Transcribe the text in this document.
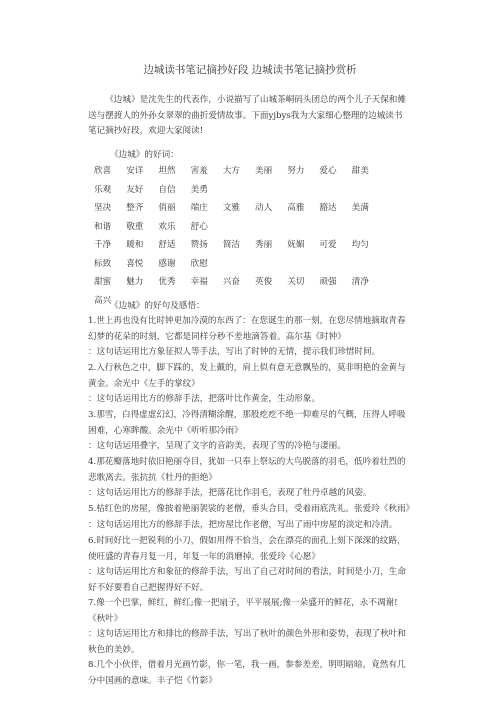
边城读书笔记摘抄好段 边城读书笔记摘抄赏析

《边城》是沈先生的代表作，小说描写了山城茶峒码头团总的两个儿子天保和傩送与摆渡人的外孙女翠翠的曲折爱情故事。下面yjbys我为大家细心整理的边城读书笔记摘抄好段，欢迎大家阅读!

《边城》的好词：
欣喜 安详 坦然 害羞 大方 美丽 努力 爱心 甜美乐观 友好 自信 美勇
坚决 整齐 俏丽 端庄 文雅 动人 高雅 豁达 美满和谐 敬重 欢乐 舒心
千净 暖和 舒适 赞扬 简洁 秀丽 妩媚 可爱 均匀标致 喜悦 感谢 欣慰
甜蜜 魅力 优秀 幸福 兴奋 英俊 关切 顽强 清净高兴
《边城》的好句及感悟：
1.世上再也没有比时钟更加冷漠的东西了：在您诞生的那一刻，在您尽情地摘取青春幻梦的花朵的时刻，它都是同样分秒不差地滴答着。高尔基《时钟》
：这句话运用比方象征拟人等手法，写出了时钟的无情，提示我们珍惜时间。
2.入行秋色之中，脚下踩的，发上戴的，肩上似有意无意飘坠的，莫非明艳的金黄与黄金。余光中《左手的掌纹》
：这句话运用比方的修辞手法，把落叶比作黄金，生动形象。
3.那雪，白得虚虚幻幻，冷得清糊涂醒，那股疙疙不绝一仰难尽的气概，压得人呼吸困难，心寒眸酸。余光中《听听那冷雨》
：这句话运用叠字，呈现了文字的音韵美，表现了雪的冷艳与凄丽。
4.那花瓣落地时依旧艳丽夺目，犹如一只奉上祭坛的大鸟脱落的羽毛，低吟着壮烈的悲歌离去。张抗抗《牡丹的拒绝》
：这句话运用比方的修辞手法，把落花比作羽毛，表现了牡丹卓越的风姿。
5.枯红色的房屋，像披着艳丽袈裟的老僧，垂头合目，受着雨底洗礼。张爱玲《秋雨》
：这句话运用比方的修辞手法，把房屋比作老僧，写出了雨中房屋的淡定和冷清。
6.时间好比一把锐利的小刀，假如用得不恰当，会在漂亮的面孔上刻下深深的纹路，使旺盛的青春月复一月，年复一年的消磨掉。张爱玲《心愿》
：这句话运用比方和象征的修辞手法，写出了自己对时间的看法，时间是小刀，生命好不好要看自己把握得好不好。
7.像一个巴掌，鲜红，鲜红;像一把扇子，平平展展;像一朵盛开的鲜花，永不凋谢!《秋叶》
：这句话运用比方和排比的修辞手法，写出了秋叶的颜色外形和姿势，表现了秋叶和秋色的美妙。
8.几个小伙伴，借着月光画竹影，你一笔，我一画，参参差差，明明暗暗，竟然有几分中国画的意味。丰子恺《竹影》
